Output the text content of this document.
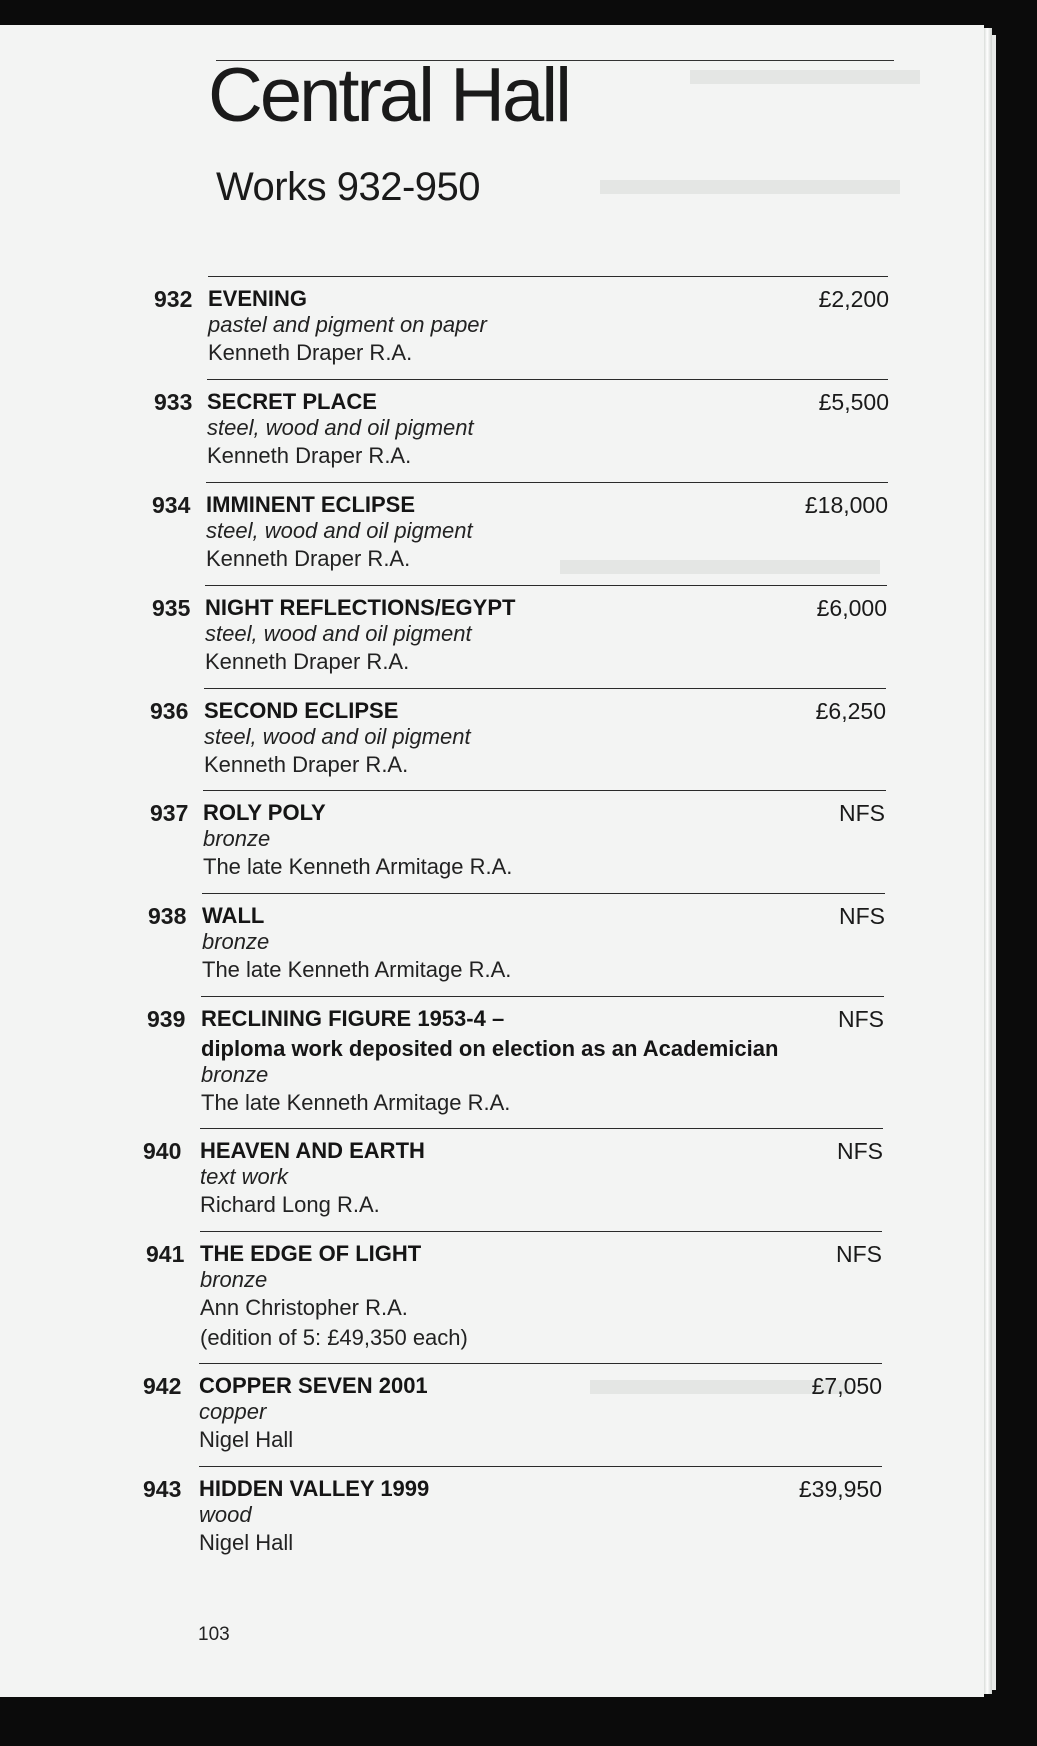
Central Hall
Works 932-950
932 EVENING
pastel and pigment on paper
Kenneth Draper R.A.
£2,200
933 SECRET PLACE
steel, wood and oil pigment
Kenneth Draper R.A.
£5,500
934 IMMINENT ECLIPSE
steel, wood and oil pigment
Kenneth Draper R.A.
£18,000
935 NIGHT REFLECTIONS/EGYPT
steel, wood and oil pigment
Kenneth Draper R.A.
£6,000
936 SECOND ECLIPSE
steel, wood and oil pigment
Kenneth Draper R.A.
£6,250
937 ROLY POLY
bronze
The late Kenneth Armitage R.A.
NFS
938 WALL
bronze
The late Kenneth Armitage R.A.
NFS
939 RECLINING FIGURE 1953-4 –
diploma work deposited on election as an Academician
bronze
The late Kenneth Armitage R.A.
NFS
940 HEAVEN AND EARTH
text work
Richard Long R.A.
NFS
941 THE EDGE OF LIGHT
bronze
Ann Christopher R.A.
(edition of 5: £49,350 each)
NFS
942 COPPER SEVEN 2001
copper
Nigel Hall
£7,050
943 HIDDEN VALLEY 1999
wood
Nigel Hall
£39,950
103
